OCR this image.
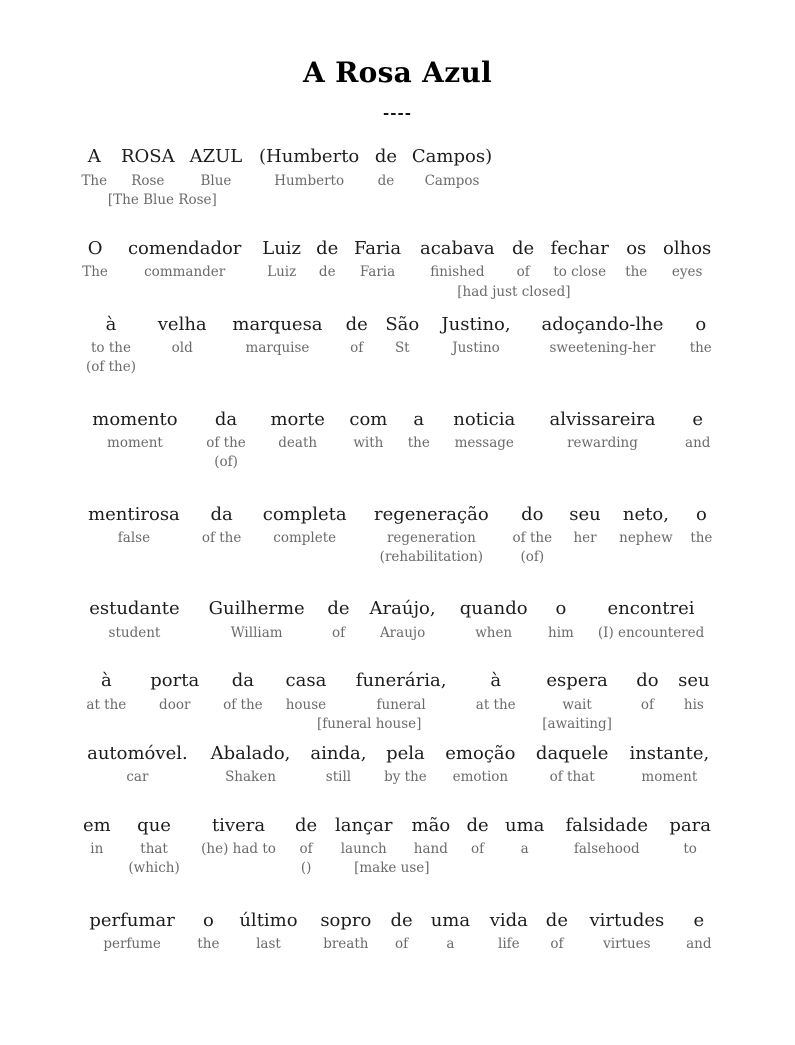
A Rosa Azul
----
A	ROSA	AZUL	(Humberto	de	Campos)
The	Rose	Blue	Humberto	de	Campos
[The Blue Rose]					
O	comendador	Luiz	de	Faria	acabava	de	fechar	os	olhos
The	commander	Luiz	de	Faria	finished	of	to close	the	eyes
					[had just closed]				
à	velha	marquesa	de	São	Justino,	adoçando-lhe	o
to the	old	marquise	of	St	Justino	sweetening-her	the
(of the)							
momento	da	morte	com	a	noticia	alvissareira	e
moment	of the	death	with	the	message	rewarding	and
	(of)						
mentirosa	da	completa	regeneração	do	seu	neto,	o
false	of the	complete	regeneration	of the	her	nephew	the
			(rehabilitation)	(of)			
estudante	Guilherme	de	Araújo,	quando	o	encontrei
student	William	of	Araujo	when	him	(I) encountered
à	porta	da	casa	funerária,	à	espera	do	seu
at the	door	of the	house	funeral	at the	wait	of	his
			[funeral house]			[awaiting]		
automóvel.	Abalado,	ainda,	pela	emoção	daquele	instante,
car	Shaken	still	by the	emotion	of that	moment
em	que	tivera	de	lançar	mão	de	uma	falsidade	para
in	that	(he) had to	of	launch	hand	of	a	falsehood	to
	(which)		()	[make use]					
perfumar	o	último	sopro	de	uma	vida	de	virtudes	e
perfume	the	last	breath	of	a	life	of	virtues	and
